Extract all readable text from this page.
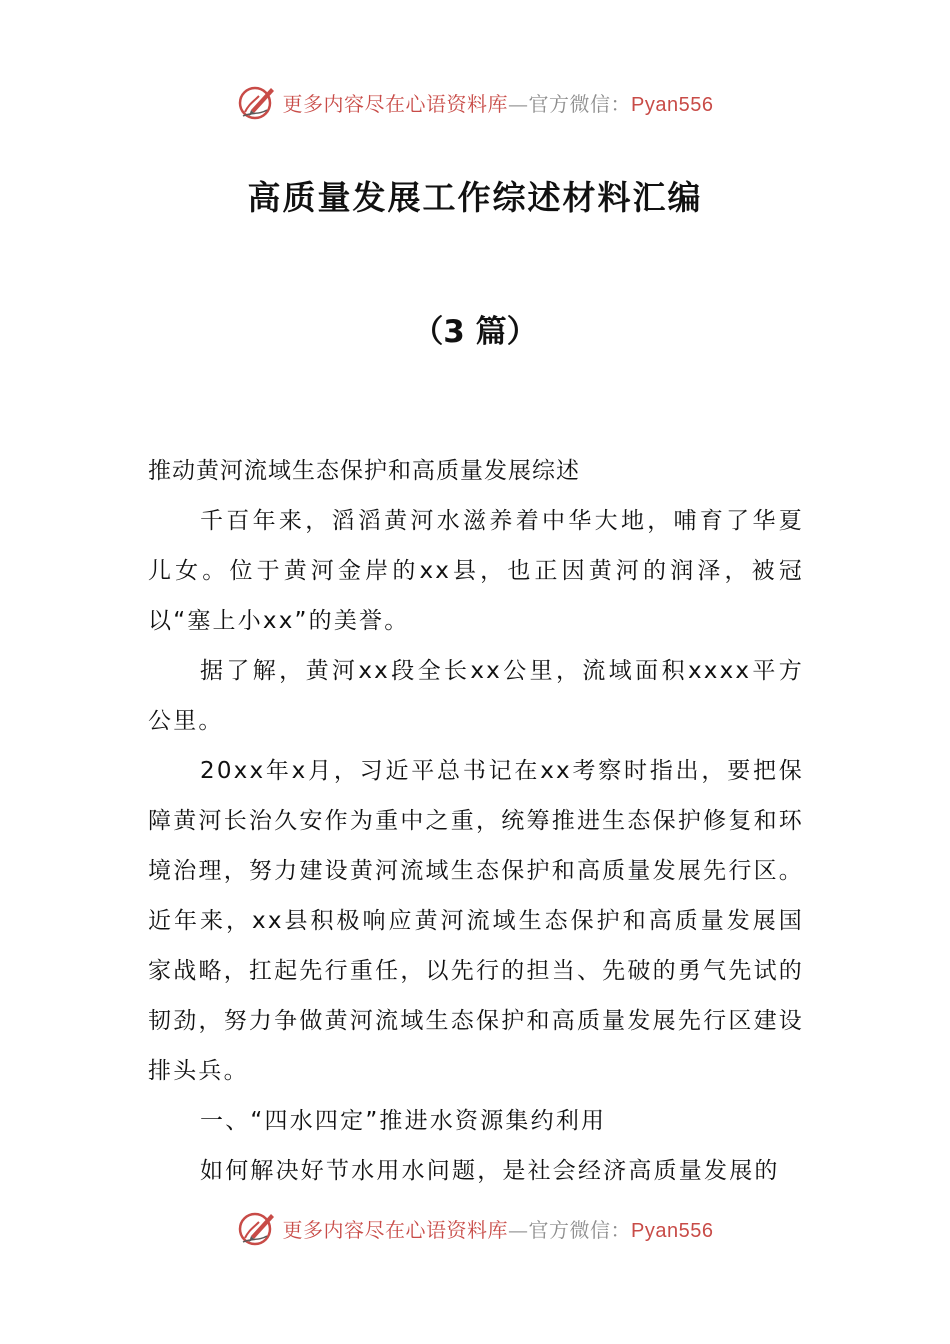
更多内容尽在心语资料库—官方微信：Pyan556
高质量发展工作综述材料汇编
（3 篇）

推动黄河流域生态保护和高质量发展综述

千百年来，滔滔黄河水滋养着中华大地，哺育了华夏儿女。位于黄河金岸的xx县，也正因黄河的润泽，被冠以“塞上小xx”的美誉。

据了解，黄河xx段全长xx公里，流域面积xxxx平方公里。

20xx年x月，习近平总书记在xx考察时指出，要把保障黄河长治久安作为重中之重，统筹推进生态保护修复和环境治理，努力建设黄河流域生态保护和高质量发展先行区。近年来，xx县积极响应黄河流域生态保护和高质量发展国家战略，扛起先行重任，以先行的担当、先破的勇气先试的韧劲，努力争做黄河流域生态保护和高质量发展先行区建设排头兵。

一、“四水四定”推进水资源集约利用

如何解决好节水用水问题，是社会经济高质量发展的

更多内容尽在心语资料库—官方微信：Pyan556
